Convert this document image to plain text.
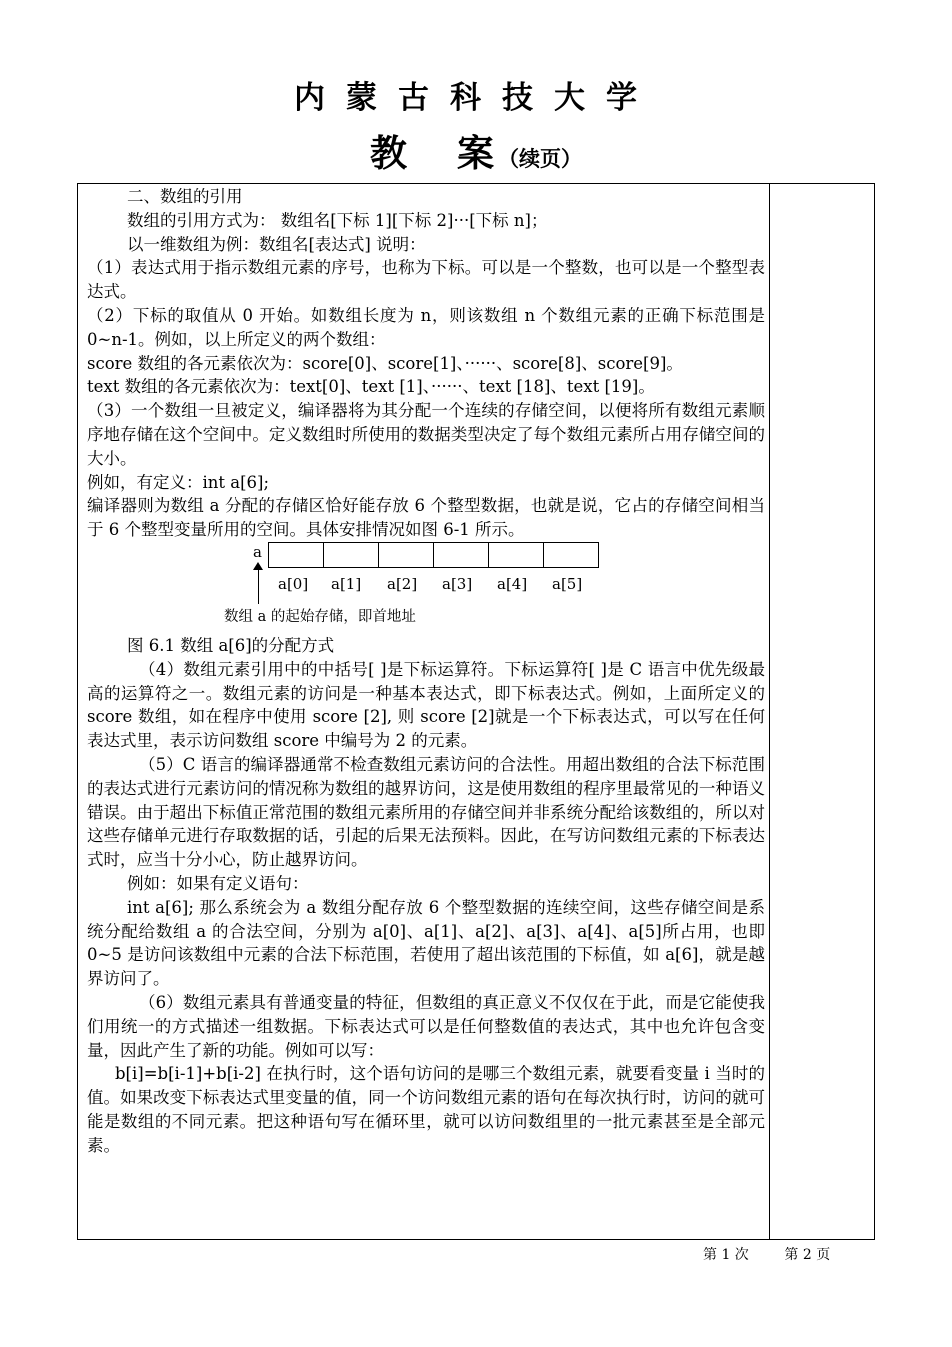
内蒙古科技大学
教 案 （续页）

二、数组的引用

数组的引用方式为： 数组名[下标 1][下标 2]···[下标 n]；

以一维数组为例：数组名[表达式] 说明：

（1）表达式用于指示数组元素的序号，也称为下标。可以是一个整数，也可以是一个整型表达式。

（2）下标的取值从 0 开始。如数组长度为 n，则该数组 n 个数组元素的正确下标范围是 0~n-1。例如，以上所定义的两个数组：

score 数组的各元素依次为：score[0]、score[1]、······、score[8]、score[9]。

text 数组的各元素依次为：text[0]、text [1]、······、text [18]、text [19]。

（3）一个数组一旦被定义，编译器将为其分配一个连续的存储空间，以便将所有数组元素顺序地存储在这个空间中。定义数组时所使用的数据类型决定了每个数组元素所占用存储空间的大小。

例如，有定义：int a[6];

编译器则为数组 a 分配的存储区恰好能存放 6 个整型数据，也就是说，它占的存储空间相当于 6 个整型变量所用的空间。具体安排情况如图 6-1 所示。

a
a[0] a[1] a[2] a[3] a[4] a[5]
数组 a 的起始存储，即首地址

图 6.1 数组 a[6]的分配方式

（4）数组元素引用中的中括号[ ]是下标运算符。下标运算符[ ]是 C 语言中优先级最高的运算符之一。数组元素的访问是一种基本表达式，即下标表达式。例如，上面所定义的 score 数组，如在程序中使用 score [2], 则 score [2]就是一个下标表达式，可以写在任何表达式里，表示访问数组 score 中编号为 2 的元素。

（5）C 语言的编译器通常不检查数组元素访问的合法性。用超出数组的合法下标范围的表达式进行元素访问的情况称为数组的越界访问，这是使用数组的程序里最常见的一种语义错误。由于超出下标值正常范围的数组元素所用的存储空间并非系统分配给该数组的，所以对这些存储单元进行存取数据的话，引起的后果无法预料。因此，在写访问数组元素的下标表达式时，应当十分小心，防止越界访问。

例如：如果有定义语句：

int a[6]; 那么系统会为 a 数组分配存放 6 个整型数据的连续空间，这些存储空间是系统分配给数组 a 的合法空间，分别为 a[0]、a[1]、a[2]、a[3]、a[4]、a[5]所占用，也即 0~5 是访问该数组中元素的合法下标范围，若使用了超出该范围的下标值，如 a[6]，就是越界访问了。

（6）数组元素具有普通变量的特征，但数组的真正意义不仅仅在于此，而是它能使我们用统一的方式描述一组数据。下标表达式可以是任何整数值的表达式，其中也允许包含变量，因此产生了新的功能。例如可以写：

b[i]=b[i-1]+b[i-2] 在执行时，这个语句访问的是哪三个数组元素，就要看变量 i 当时的值。如果改变下标表达式里变量的值，同一个访问数组元素的语句在每次执行时，访问的就可能是数组的不同元素。把这种语句写在循环里，就可以访问数组里的一批元素甚至是全部元素。

第 1 次	第 2 页
